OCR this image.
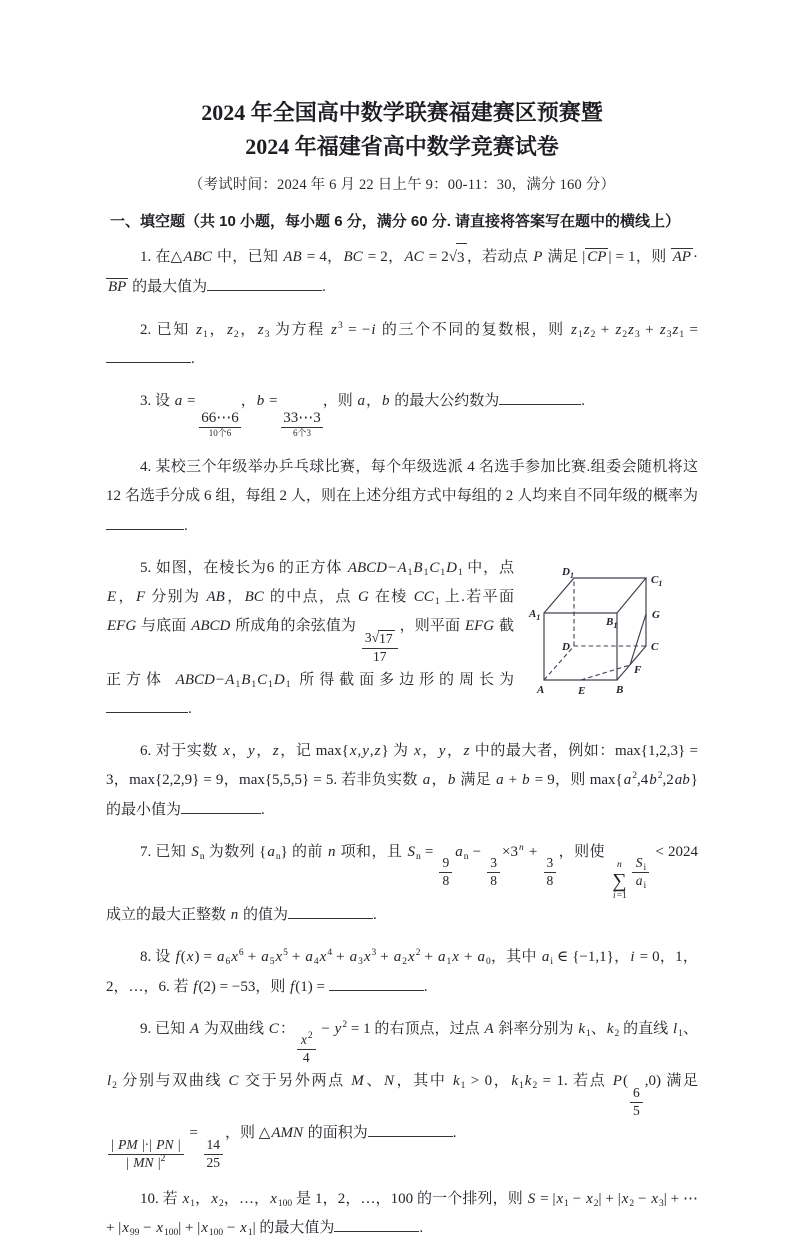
2024 年全国高中数学联赛福建赛区预赛暨
2024 年福建省高中数学竞赛试卷
（考试时间：2024 年 6 月 22 日上午 9：00-11：30，满分 160 分）
一、填空题（共 10 小题，每小题 6 分，满分 60 分. 请直接将答案写在题中的横线上）

1. 在△ABC 中，已知 AB = 4，BC = 2，AC = 2 √ 3 ，若动点 P 满足 | CP | = 1，则 AP ·BP 的最大值为	.

2. 已知 $z_1$，$z_2$，$z_3$ 为方程 $z^3 = -i$ 的三个不同的复数根，则 $z_1z_2 + z_2z_3 + z_3z_1$ = .

3. 设 a =
66⋯6
10个6
，b =
33⋯3
6个3
，则 a，b 的最大公约数为	.

4. 某校三个年级举办乒乓球比赛，每个年级选派 4 名选手参加比赛.组委会随机将这 12 名选手分成 6 组，每组 2 人，则在上述分组方式中每组的 2 人均来自不同年级的概率为.

$D_1$	$C_1$
$A_1$	$B_1$
G
D	C
F
A	E	B
5. 如图，在棱长为6 的正方体 $ABCD-A_1B_1C_1D_1$ 中，点 E，F 分别为 AB，BC 的中点，点 G 在棱 $CC_1$ 上.若平面 EFG 与底面 ABCD 所成角的余弦值为
$\frac{3 √ 17}{17}$
，则平面 EFG 截正方体 $ABCD-A_1B_1C_1D_1$ 所得截面多边形的周长为.

6. 对于实数 x，y，z，记 max{x,y,z} 为 x，y，z 中的最大者，例如：max{1,2,3} = 3，max{2,2,9} = 9，max{5,5,5} = 5. 若非负实数 a，b 满足 a + b = 9，则 $\max\{a^2,4b^2,2ab\}$ 的最小值为	.

7. 已知 $S_n$ 为数列 $\{a_n\}$ 的前 n 项和，且 $S_n$ =
$\frac{9}{8}$
$a_n$ −
$\frac{3}{8}$
$\times 3^n$ +
$\frac{3}{8}$
，则使
n
∑
i=1
$\frac{S_i}{a_i}$
< 2024 成立的最大正整数 n 的值为	.

8. 设 $f(x) = a_6x^6 + a_5x^5 + a_4x^4 + a_3x^3 + a_2x^2 + a_1x + a_0$，其中 $a_i$ ∈ {−1,1}，i = 0，1，2，…，6. 若 f(2) = −53，则 f(1) =	.

9. 已知 A 为双曲线 C：
$\frac{x^2}{4}$
− $y^2 = 1$ 的右顶点，过点 A 斜率分别为 $k_1$、$k_2$ 的直线 $l_1$、$l_2$ 分别与双曲线 C 交于另外两点 M、N，其中 $k_1 > 0$，$k_1k_2 = 1$. 若点 P(
$\frac{6}{5}$
,0) 满足
$\frac{| PM |\cdot| PN |}{| MN |^2}$
=
$\frac{14}{25}$
，则 △AMN 的面积为	.

10. 若 $x_1$，$x_2$，…，$x_{100}$ 是 1，2，…，100 的一个排列，则 $S = |x_1 - x_2| + |x_2 - x_3|$ + ⋯ + $|x_{99} - x_{100}| + |x_{100} - x_1|$ 的最大值为	.
